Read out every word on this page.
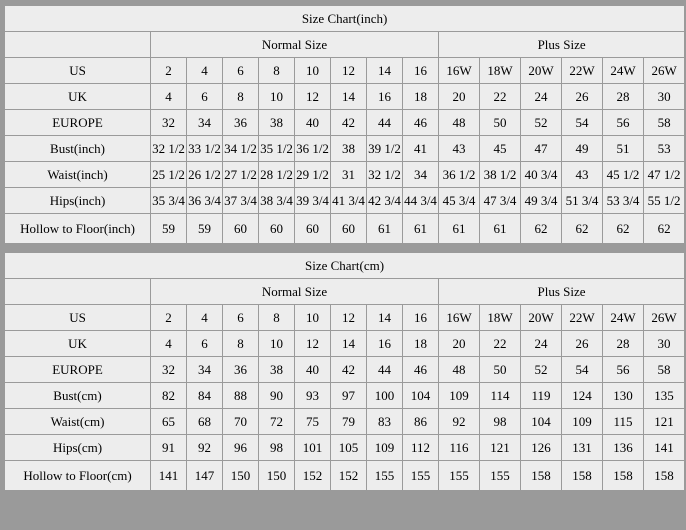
Size Chart(inch)														
	Normal Size								Plus Size					
US	2	4	6	8	10	12	14	16	16W	18W	20W	22W	24W	26W
UK	4	6	8	10	12	14	16	18	20	22	24	26	28	30
EUROPE	32	34	36	38	40	42	44	46	48	50	52	54	56	58
Bust(inch)	32 1/2	33 1/2	34 1/2	35 1/2	36 1/2	38	39 1/2	41	43	45	47	49	51	53
Waist(inch)	25 1/2	26 1/2	27 1/2	28 1/2	29 1/2	31	32 1/2	34	36 1/2	38 1/2	40 3/4	43	45 1/2	47 1/2
Hips(inch)	35 3/4	36 3/4	37 3/4	38 3/4	39 3/4	41 3/4	42 3/4	44 3/4	45 3/4	47 3/4	49 3/4	51 3/4	53 3/4	55 1/2
Hollow to Floor(inch)	59	59	60	60	60	60	61	61	61	61	62	62	62	62
Size Chart(cm)														
	Normal Size								Plus Size					
US	2	4	6	8	10	12	14	16	16W	18W	20W	22W	24W	26W
UK	4	6	8	10	12	14	16	18	20	22	24	26	28	30
EUROPE	32	34	36	38	40	42	44	46	48	50	52	54	56	58
Bust(cm)	82	84	88	90	93	97	100	104	109	114	119	124	130	135
Waist(cm)	65	68	70	72	75	79	83	86	92	98	104	109	115	121
Hips(cm)	91	92	96	98	101	105	109	112	116	121	126	131	136	141
Hollow to Floor(cm)	141	147	150	150	152	152	155	155	155	155	158	158	158	158
